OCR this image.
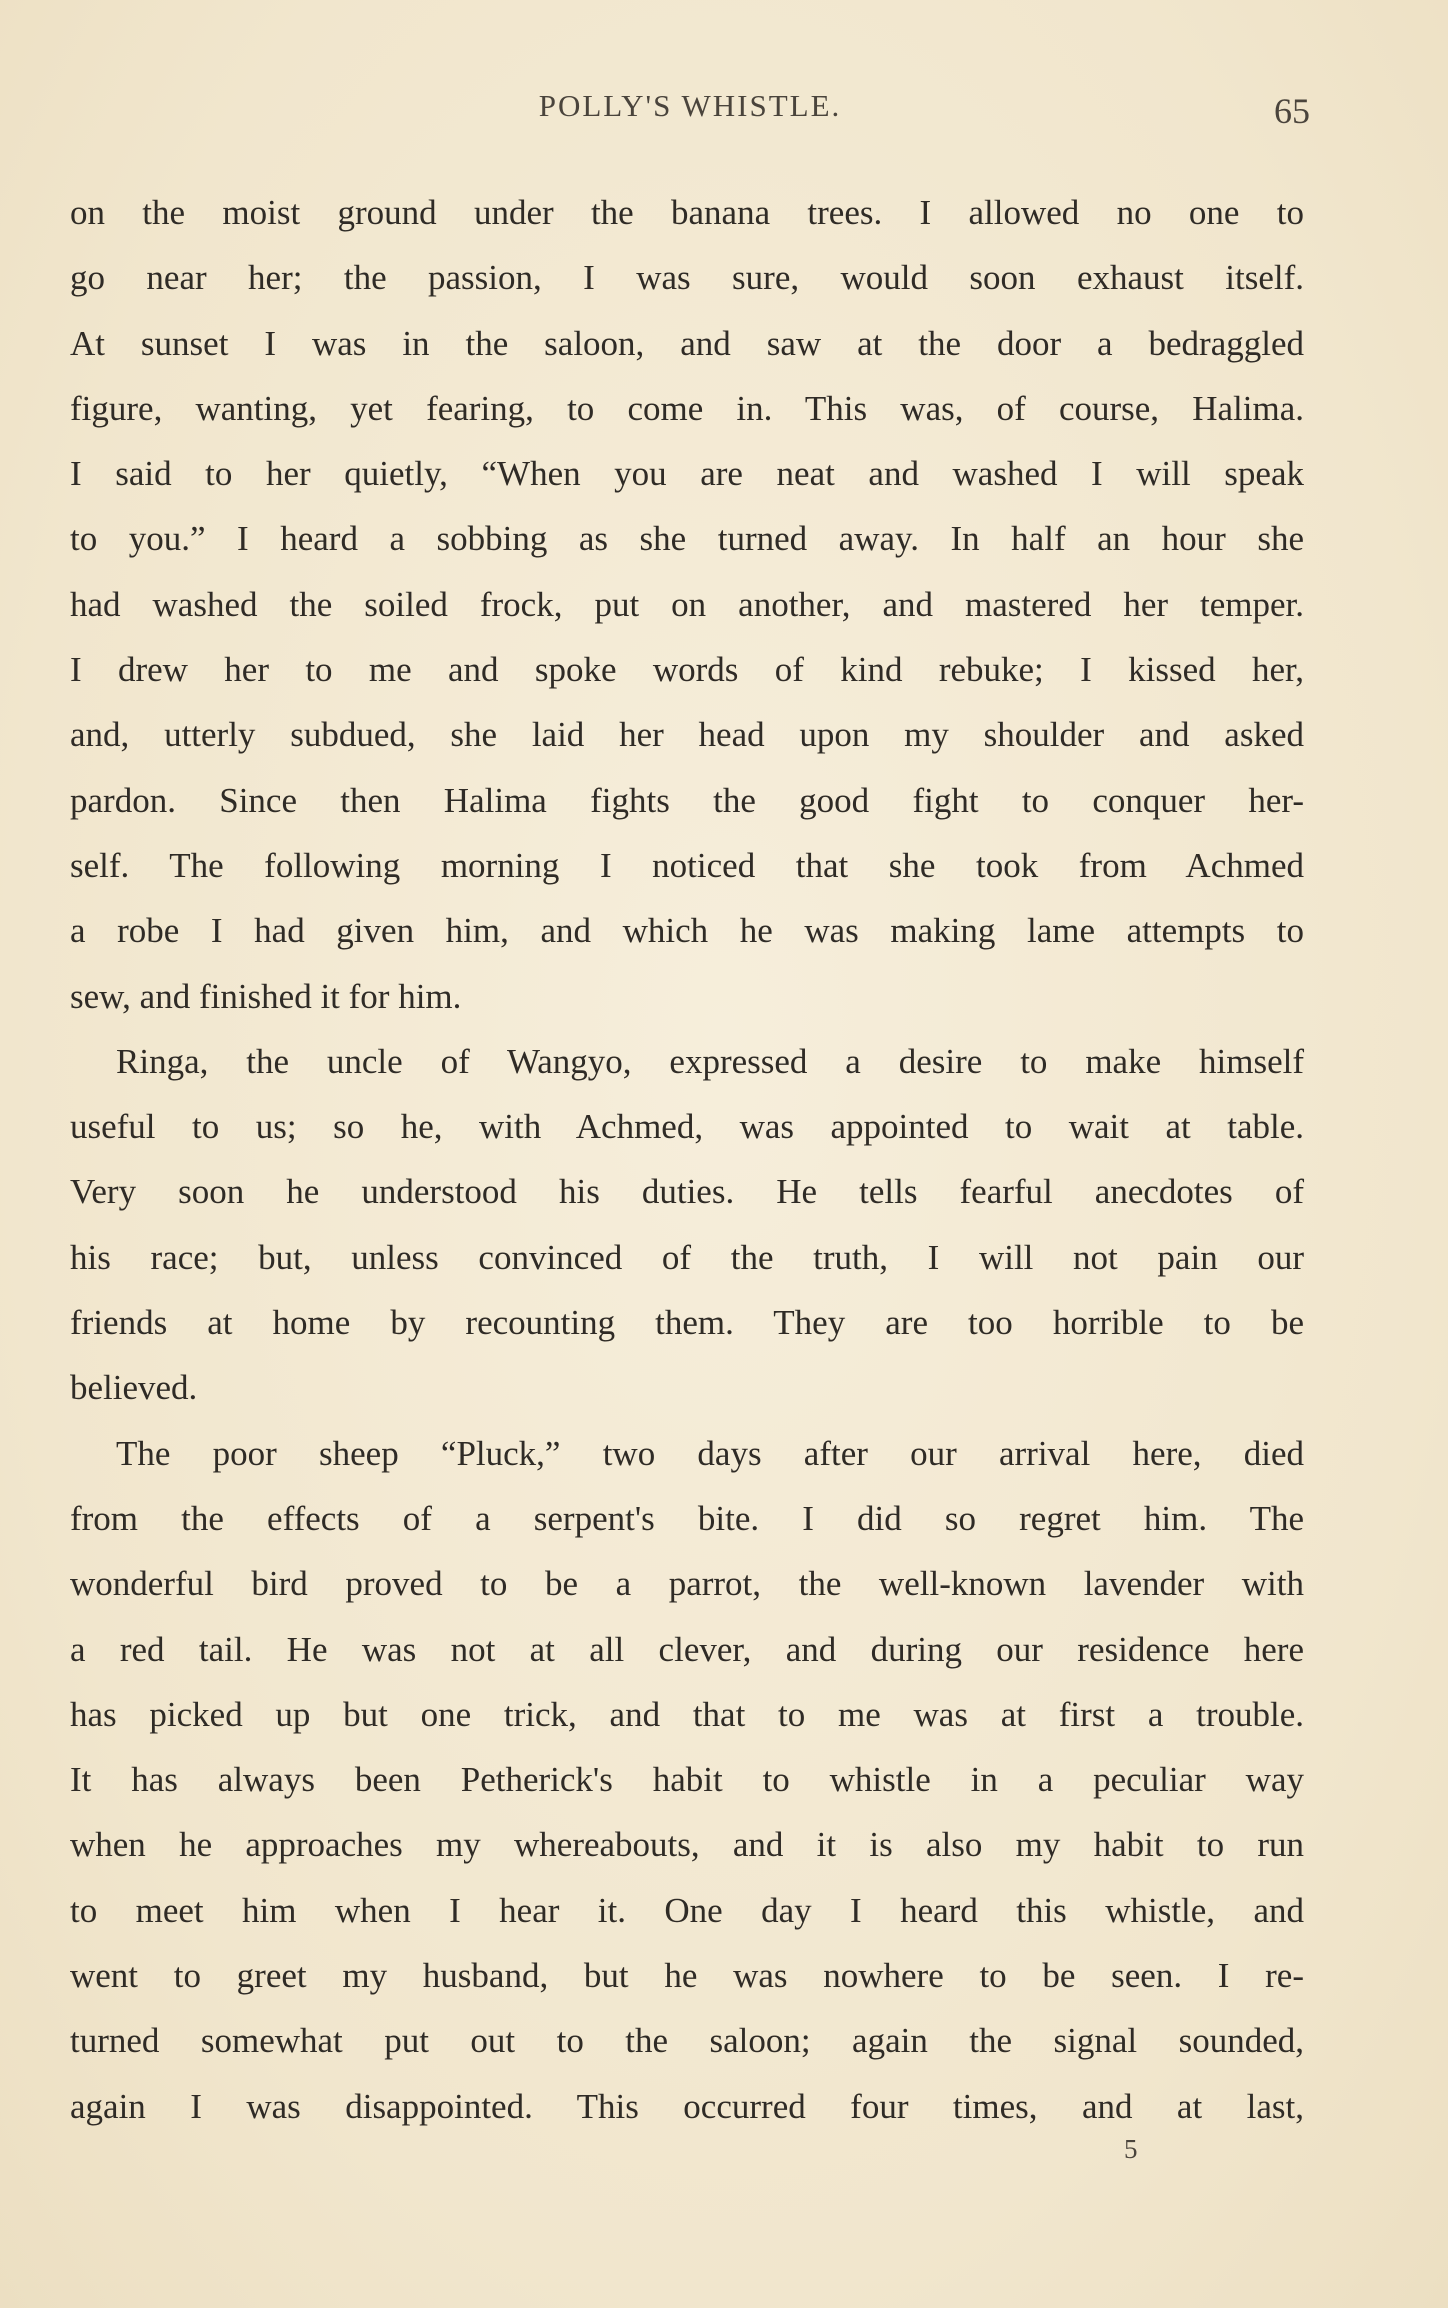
POLLY'S WHISTLE.	65
on the moist ground under the banana trees. I allowed no one to
go near her; the passion, I was sure, would soon exhaust itself.
At sunset I was in the saloon, and saw at the door a bedraggled
figure, wanting, yet fearing, to come in. This was, of course, Halima.
I said to her quietly, “When you are neat and washed I will speak
to you.” I heard a sobbing as she turned away. In half an hour she
had washed the soiled frock, put on another, and mastered her temper.
I drew her to me and spoke words of kind rebuke; I kissed her,
and, utterly subdued, she laid her head upon my shoulder and asked
pardon. Since then Halima fights the good fight to conquer her-
self. The following morning I noticed that she took from Achmed
a robe I had given him, and which he was making lame attempts to
sew, and finished it for him.
Ringa, the uncle of Wangyo, expressed a desire to make himself
useful to us; so he, with Achmed, was appointed to wait at table.
Very soon he understood his duties. He tells fearful anecdotes of
his race; but, unless convinced of the truth, I will not pain our
friends at home by recounting them. They are too horrible to be
believed.
The poor sheep “Pluck,” two days after our arrival here, died
from the effects of a serpent's bite. I did so regret him. The
wonderful bird proved to be a parrot, the well-known lavender with
a red tail. He was not at all clever, and during our residence here
has picked up but one trick, and that to me was at first a trouble.
It has always been Petherick's habit to whistle in a peculiar way
when he approaches my whereabouts, and it is also my habit to run
to meet him when I hear it. One day I heard this whistle, and
went to greet my husband, but he was nowhere to be seen. I re-
turned somewhat put out to the saloon; again the signal sounded,
again I was disappointed. This occurred four times, and at last,
5
